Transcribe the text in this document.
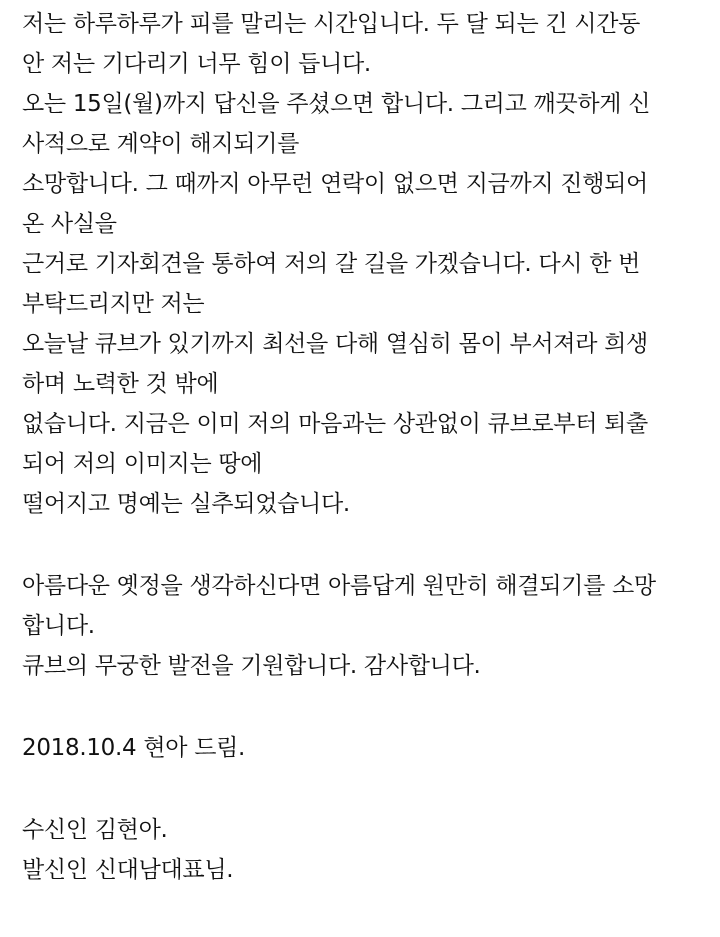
저는 하루하루가 피를 말리는 시간입니다. 두 달 되는 긴 시간동
안 저는 기다리기 너무 힘이 듭니다.
오는 15일(월)까지 답신을 주셨으면 합니다. 그리고 깨끗하게 신
사적으로 계약이 해지되기를
소망합니다. 그 때까지 아무런 연락이 없으면 지금까지 진행되어
온 사실을
근거로 기자회견을 통하여 저의 갈 길을 가겠습니다. 다시 한 번
부탁드리지만 저는
오늘날 큐브가 있기까지 최선을 다해 열심히 몸이 부서져라 희생
하며 노력한 것 밖에
없습니다. 지금은 이미 저의 마음과는 상관없이 큐브로부터 퇴출
되어 저의 이미지는 땅에
떨어지고 명예는 실추되었습니다.
아름다운 옛정을 생각하신다면 아름답게 원만히 해결되기를 소망
합니다.
큐브의 무궁한 발전을 기원합니다. 감사합니다.
2018.10.4 현아 드림.
수신인 김현아.
발신인 신대남대표님.
